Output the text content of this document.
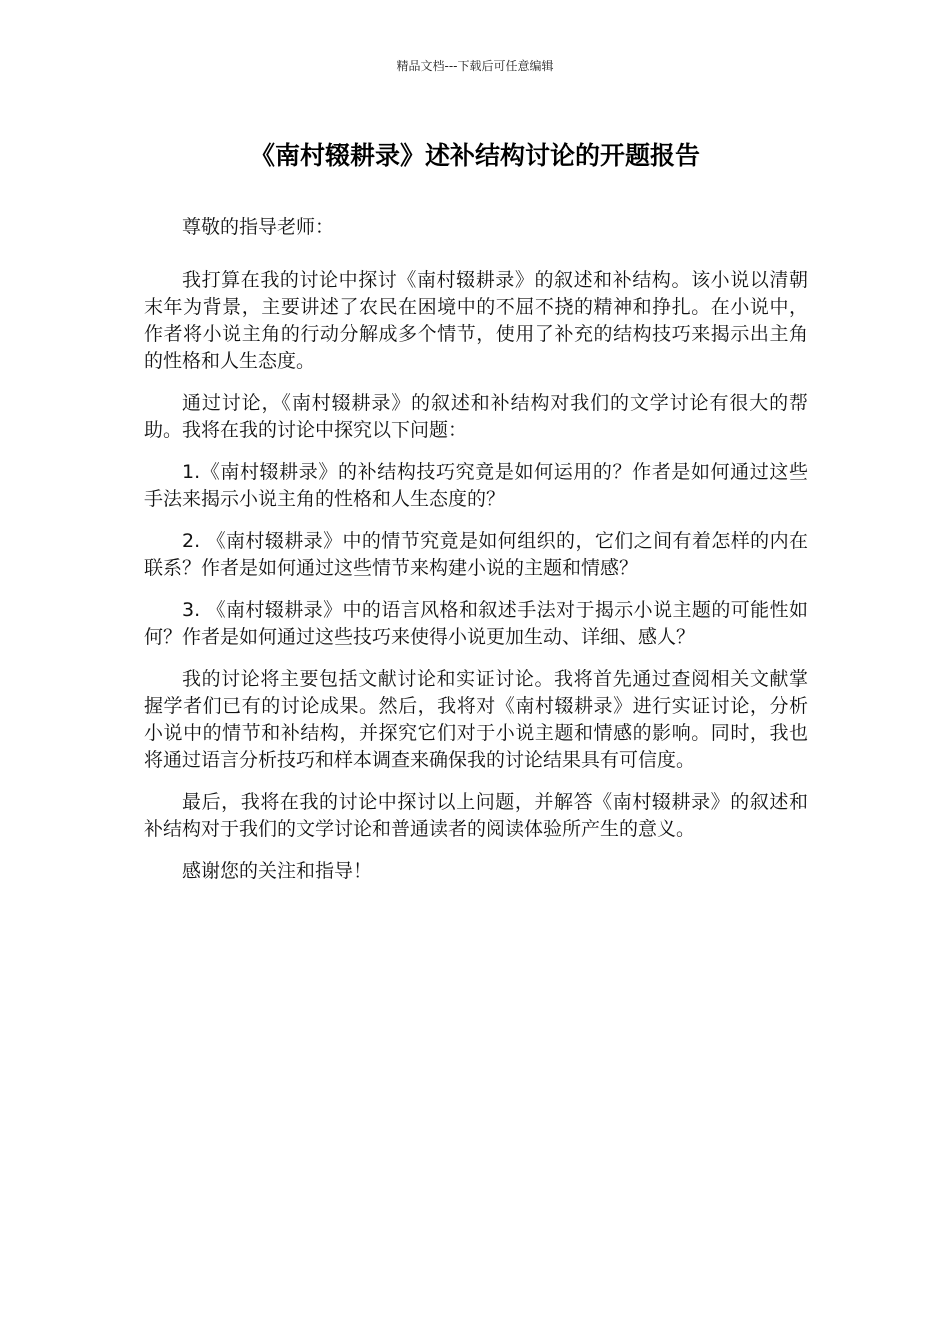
精品文档---下载后可任意编辑
《南村辍耕录》述补结构讨论的开题报告

尊敬的指导老师：

我打算在我的讨论中探讨《南村辍耕录》的叙述和补结构。该小说以清朝末年为背景，主要讲述了农民在困境中的不屈不挠的精神和挣扎。在小说中，作者将小说主角的行动分解成多个情节，使用了补充的结构技巧来揭示出主角的性格和人生态度。

通过讨论，《南村辍耕录》的叙述和补结构对我们的文学讨论有很大的帮助。我将在我的讨论中探究以下问题：

1.《南村辍耕录》的补结构技巧究竟是如何运用的？作者是如何通过这些手法来揭示小说主角的性格和人生态度的？

2. 《南村辍耕录》中的情节究竟是如何组织的，它们之间有着怎样的内在联系？作者是如何通过这些情节来构建小说的主题和情感？

3. 《南村辍耕录》中的语言风格和叙述手法对于揭示小说主题的可能性如何？作者是如何通过这些技巧来使得小说更加生动、详细、感人？

我的讨论将主要包括文献讨论和实证讨论。我将首先通过查阅相关文献掌握学者们已有的讨论成果。然后，我将对《南村辍耕录》进行实证讨论，分析小说中的情节和补结构，并探究它们对于小说主题和情感的影响。同时，我也将通过语言分析技巧和样本调查来确保我的讨论结果具有可信度。

最后，我将在我的讨论中探讨以上问题，并解答《南村辍耕录》的叙述和补结构对于我们的文学讨论和普通读者的阅读体验所产生的意义。

感谢您的关注和指导！
